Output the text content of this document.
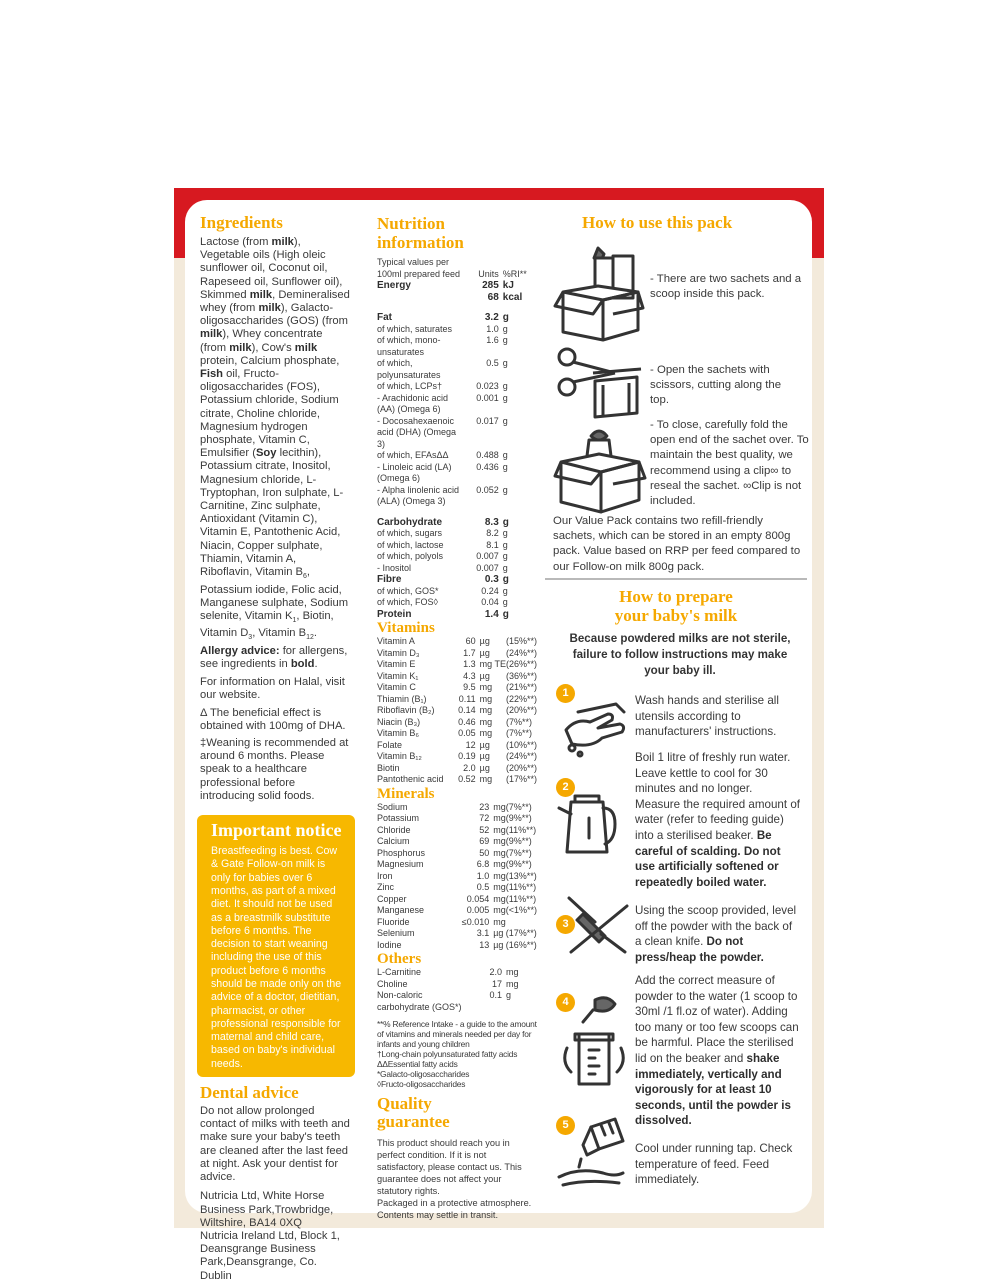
Ingredients

Lactose (from milk), Vegetable oils (High oleic sunflower oil, Coconut oil, Rapeseed oil, Sunflower oil), Skimmed milk, Demineralised whey (from milk), Galacto-oligosaccharides (GOS) (from milk), Whey concentrate (from milk), Cow's milk protein, Calcium phosphate, Fish oil, Fructo-oligosaccharides (FOS), Potassium chloride, Sodium citrate, Choline chloride, Magnesium hydrogen phosphate, Vitamin C, Emulsifier (Soy lecithin), Potassium citrate, Inositol, Magnesium chloride, L-Tryptophan, Iron sulphate, L-Carnitine, Zinc sulphate, Antioxidant (Vitamin C), Vitamin E, Pantothenic Acid, Niacin, Copper sulphate, Thiamin, Vitamin A, Riboflavin, Vitamin $B_6$, Potassium iodide, Folic acid, Manganese sulphate, Sodium selenite, Vitamin $K_1$, Biotin, Vitamin $D_3$, Vitamin $B_{12}$.
Allergy advice: for allergens, see ingredients in bold.

For information on Halal, visit our website.

Δ The beneficial effect is obtained with 100mg of DHA.

‡Weaning is recommended at around 6 months. Please speak to a healthcare professional before introducing solid foods.

Important notice

Breastfeeding is best. Cow & Gate Follow-on milk is only for babies over 6 months, as part of a mixed diet. It should not be used as a breastmilk substitute before 6 months. The decision to start weaning including the use of this product before 6 months should be made only on the advice of a doctor, dietitian, pharmacist, or other professional responsible for maternal and child care, based on baby's individual needs.

Dental advice

Do not allow prolonged contact of milks with teeth and make sure your baby's teeth are cleaned after the last feed at night. Ask your dentist for advice.

Nutricia Ltd, White Horse Business Park,Trowbridge, Wiltshire, BA14 0XQ

Nutricia Ireland Ltd, Block 1, Deansgrange Business Park,Deansgrange, Co. Dublin

Nutrition
information
Typical values per 100ml prepared feed	Units	%RI**	
Energy	285	kJ	
	68	kcal	
Fat	3.2	g	
of which, saturates	1.0	g	
of which, mono-unsaturates	1.6	g	
of which, polyunsaturates	0.5	g	
of which, LCPs†	0.023	g	
- Arachidonic acid (AA) (Omega 6)	0.001	g	
- Docosahexaenoic acid (DHA) (Omega 3)	0.017	g	
of which, EFAsΔΔ	0.488	g	
- Linoleic acid (LA) (Omega 6)	0.436	g	
- Alpha linolenic acid (ALA) (Omega 3)	0.052	g	
Carbohydrate	8.3	g	
of which, sugars	8.2	g	
of which, lactose	8.1	g	
of which, polyols	0.007	g	
- Inositol	0.007	g	
Fibre	0.3	g	
of which, GOS*	0.24	g	
of which, FOS◊	0.04	g	
Protein	1.4	g	
Vitamins
Vitamin A	60	µg	(15%**)
Vitamin D₃	1.7	µg	(24%**)
Vitamin E	1.3	mg TE	(26%**)
Vitamin K₁	4.3	µg	(36%**)
Vitamin C	9.5	mg	(21%**)
Thiamin (B₁)	0.11	mg	(22%**)
Riboflavin (B₂)	0.14	mg	(20%**)
Niacin (B₃)	0.46	mg	(7%**)
Vitamin B₆	0.05	mg	(7%**)
Folate	12	µg	(10%**)
Vitamin B₁₂	0.19	µg	(24%**)
Biotin	2.0	µg	(20%**)
Pantothenic acid	0.52	mg	(17%**)
Minerals
Sodium	23	mg	(7%**)
Potassium	72	mg	(9%**)
Chloride	52	mg	(11%**)
Calcium	69	mg	(9%**)
Phosphorus	50	mg	(7%**)
Magnesium	6.8	mg	(9%**)
Iron	1.0	mg	(13%**)
Zinc	0.5	mg	(11%**)
Copper	0.054	mg	(11%**)
Manganese	0.005	mg	(<1%**)
Fluoride	≤0.010	mg	
Selenium	3.1	µg	(17%**)
Iodine	13	µg	(16%**)
Others
L-Carnitine	2.0	mg	
Choline	17	mg	
Non-caloric carbohydrate (GOS*)	0.1	g	
**% Reference Intake - a guide to the amount of vitamins and minerals needed per day for infants and young children
†Long-chain polyunsaturated fatty acids
ΔΔEssential fatty acids
*Galacto-oligosaccharides
◊Fructo-oligosaccharides
Quality
guarantee

This product should reach you in perfect condition. If it is not satisfactory, please contact us. This guarantee does not affect your statutory rights.

Packaged in a protective atmosphere. Contents may settle in transit.

How to use this pack
- There are two sachets and a scoop inside this pack.
- Open the sachets with scissors, cutting along the top.
- To close, carefully fold the open end of the sachet over. To maintain the best quality, we recommend using a clip∞ to reseal the sachet. ∞Clip is not included.
Our Value Pack contains two refill-friendly sachets, which can be stored in an empty 800g pack. Value based on RRP per feed compared to our Follow-on milk 800g pack.
How to prepare
your baby's milk

Because powdered milks are not sterile, failure to follow instructions may make your baby ill.

1
Wash hands and sterilise all utensils according to manufacturers' instructions.
2
Boil 1 litre of freshly run water. Leave kettle to cool for 30 minutes and no longer. Measure the required amount of water (refer to feeding guide) into a sterilised beaker. Be careful of scalding. Do not use artificially softened or repeatedly boiled water.
3
Using the scoop provided, level off the powder with the back of a clean knife. Do not press/heap the powder.
4
Add the correct measure of powder to the water (1 scoop to 30ml /1 fl.oz of water). Adding too many or too few scoops can be harmful. Place the sterilised lid on the beaker and shake immediately, vertically and vigorously for at least 10 seconds, until the powder is dissolved.
5
Cool under running tap. Check temperature of feed. Feed immediately.
